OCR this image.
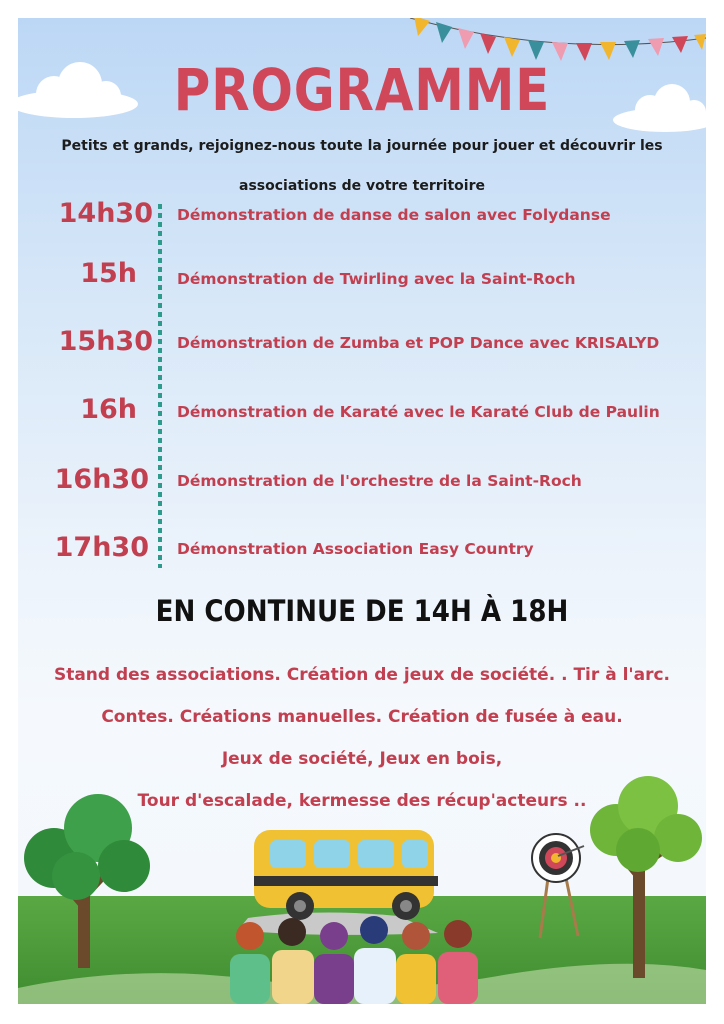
PROGRAMME
Petits et grands, rejoignez-nous toute la journée pour jouer et découvrir les
associations de votre territoire
14h30 Démonstration de danse de salon avec Folydanse
15h	Démonstration de Twirling avec la Saint-Roch
15h30 Démonstration de Zumba et POP Dance avec KRISALYD
16h	Démonstration de Karaté avec le Karaté Club de Paulin
16h30 Démonstration de l'orchestre de la Saint-Roch
17h30 Démonstration Association Easy Country
EN CONTINUE DE 14H À 18H
Stand des associations. Création de jeux de société. . Tir à l'arc.
Contes. Créations manuelles. Création de fusée à eau.
Jeux de société, Jeux en bois,
Tour d'escalade, kermesse des récup'acteurs ..
